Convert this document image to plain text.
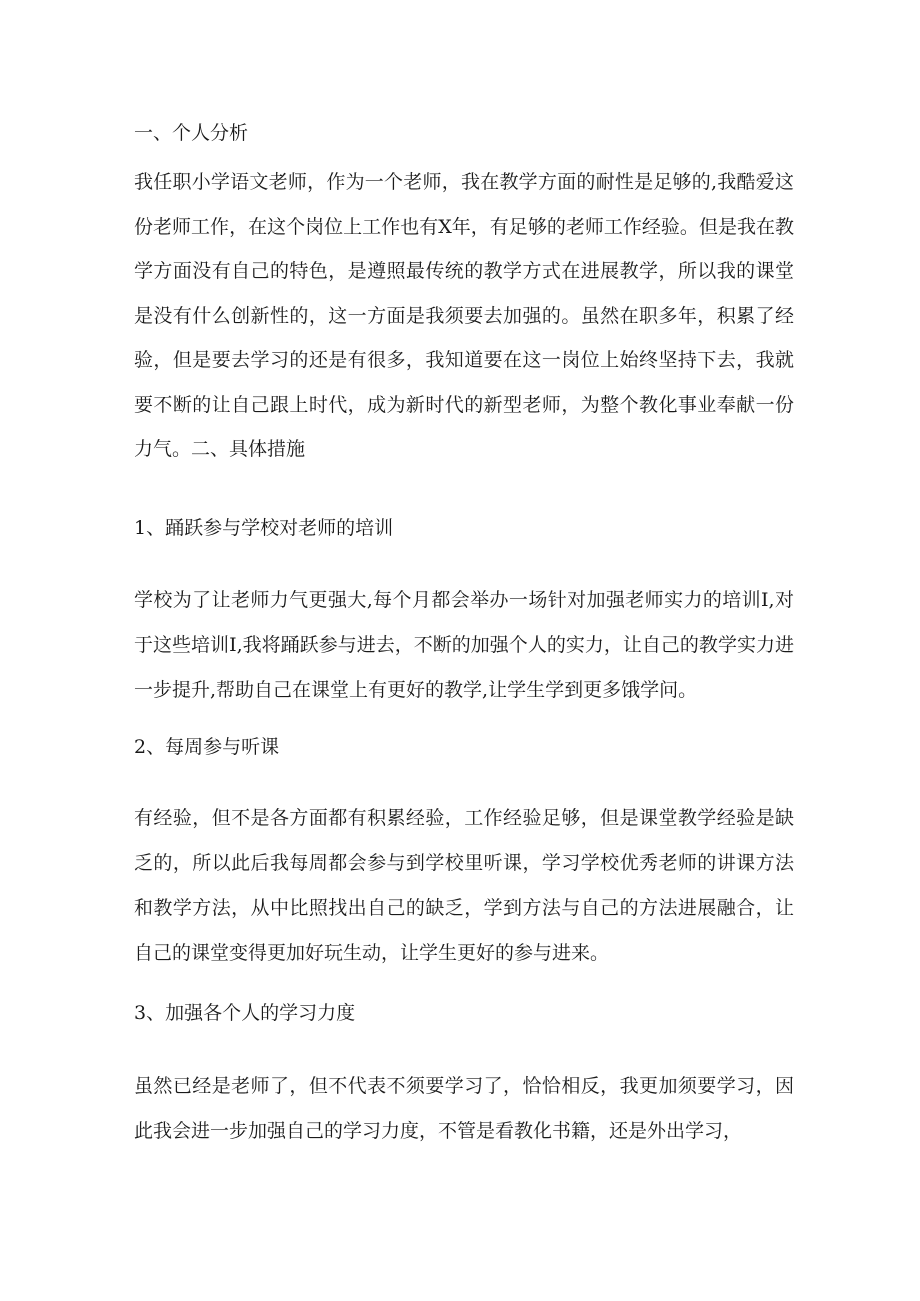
一、个人分析

我任职小学语文老师，作为一个老师，我在教学方面的耐性是足够的,我酷爱这份老师工作，在这个岗位上工作也有X年，有足够的老师工作经验。但是我在教学方面没有自己的特色，是遵照最传统的教学方式在进展教学，所以我的课堂是没有什么创新性的，这一方面是我须要去加强的。虽然在职多年，积累了经验，但是要去学习的还是有很多，我知道要在这一岗位上始终坚持下去，我就要不断的让自己跟上时代，成为新时代的新型老师，为整个教化事业奉献一份力气。二、具体措施

1、踊跃参与学校对老师的培训

学校为了让老师力气更强大,每个月都会举办一场针对加强老师实力的培训I,对于这些培训I,我将踊跃参与进去，不断的加强个人的实力，让自己的教学实力进一步提升,帮助自己在课堂上有更好的教学,让学生学到更多饿学问。

2、每周参与听课

有经验，但不是各方面都有积累经验，工作经验足够，但是课堂教学经验是缺乏的，所以此后我每周都会参与到学校里听课，学习学校优秀老师的讲课方法和教学方法，从中比照找出自己的缺乏，学到方法与自己的方法进展融合，让自己的课堂变得更加好玩生动，让学生更好的参与进来。

3、加强各个人的学习力度

虽然已经是老师了，但不代表不须要学习了，恰恰相反，我更加须要学习，因此我会进一步加强自己的学习力度，不管是看教化书籍，还是外出学习，
